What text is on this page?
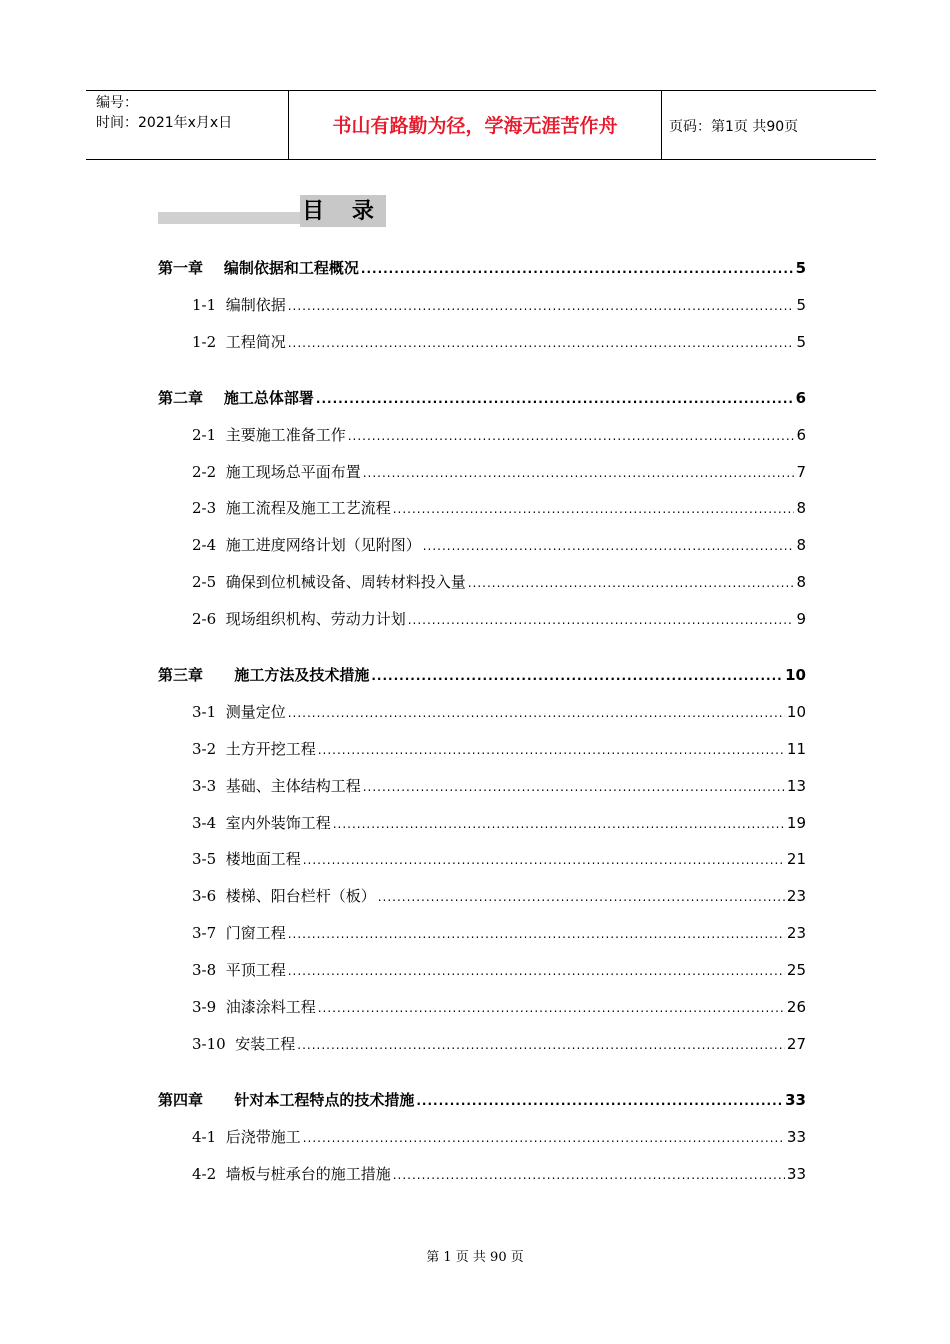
编号：
时间：2021年x月x日	书山有路勤为径，学海无涯苦作舟	页码：第1页 共90页
目 录
第一章    编制依据和工程概况 .....	5
1-1  编制依据 .....	5
1-2  工程简况 .....	5
第二章    施工总体部署 .....	6
2-1  主要施工准备工作 .....	6
2-2  施工现场总平面布置 .....	7
2-3  施工流程及施工工艺流程 .....	8
2-4  施工进度网络计划（见附图） .....	8
2-5  确保到位机械设备、周转材料投入量 .....	8
2-6  现场组织机构、劳动力计划 .....	9
第三章      施工方法及技术措施 .....	10
3-1  测量定位 .....	10
3-2  土方开挖工程 .....	11
3-3  基础、主体结构工程 .....	13
3-4  室内外装饰工程 .....	19
3-5  楼地面工程 .....	21
3-6  楼梯、阳台栏杆（板） .....	23
3-7  门窗工程 .....	23
3-8  平顶工程 .....	25
3-9  油漆涂料工程 .....	26
3-10  安装工程 .....	27
第四章      针对本工程特点的技术措施 .....	33
4-1  后浇带施工 .....	33
4-2  墙板与桩承台的施工措施 .....	33
第 1 页 共 90 页
